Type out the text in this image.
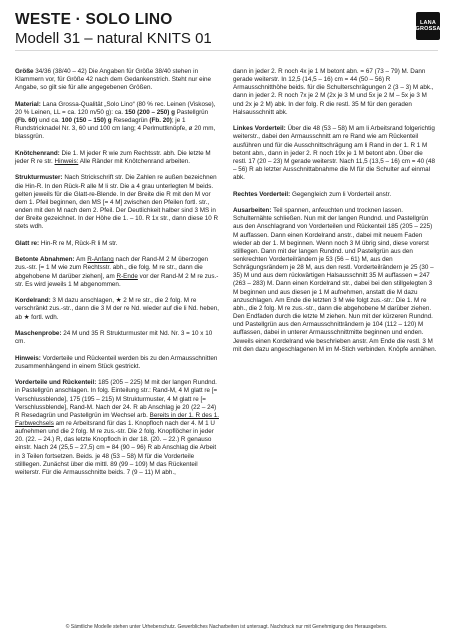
WESTE · SOLO LINO
Modell 31 – natural KNITS 01
LANA
GROSSA

Größe 34/36 (38/40 – 42) Die Angaben für Größe 38/40 stehen in Klammern vor, für Größe 42 nach dem Gedankenstrich. Steht nur eine Angabe, so gilt sie für alle angegebenen Größen.

Material: Lana Grossa-Qualität „Solo Lino“ (80 % rec. Leinen (Viskose), 20 % Leinen, LL = ca. 120 m/50 g): ca. 150 (200 – 250) g Pastellgrün (Fb. 60) und ca. 100 (150 – 150) g Resedagrün (Fb. 20); je 1 Rundstricknadel Nr. 3, 60 und 100 cm lang; 4 Perlmuttknöpfe, ø 20 mm, blassgrün.

Knötchenrand: Die 1. M jeder R wie zum Rechtsstr. abh. Die letzte M jeder R re str. Hinweis: Alle Ränder mit Knötchenrand arbeiten.

Strukturmuster: Nach Strickschrift str. Die Zahlen re außen bezeichnen die Hin-R. In den Rück-R alle M li str. Die a 4 grau unterlegten M beids. gelten jeweils für die Glatt-re-Blende. In der Breite die R mit den M vor dem 1. Pfeil beginnen, den MS [= 4 M] zwischen den Pfeilen fortl. str., enden mit den M nach dem 2. Pfeil. Der Deutlichkeit halber sind 3 MS in der Breite gezeichnet. In der Höhe die 1. – 10. R 1x str., dann diese 10 R stets wdh.

Glatt re: Hin-R re M, Rück-R li M str.

Betonte Abnahmen: Am R-Anfang nach der Rand-M 2 M überzogen zus.-str. [= 1 M wie zum Rechtsstr. abh., die folg. M re str., dann die abgehobene M darüber ziehen], am R-Ende vor der Rand-M 2 M re zus.-str. Es wird jeweils 1 M abgenommen.

Kordelrand: 3 M dazu anschlagen, ★ 2 M re str., die 2 folg. M re verschränkt zus.-str., dann die 3 M der re Nd. wieder auf die li Nd. heben, ab ★ fortl. wdh.

Maschenprobe: 24 M und 35 R Strukturmuster mit Nd. Nr. 3 = 10 x 10 cm.

Hinweis: Vorderteile und Rückenteil werden bis zu den Armausschnitten zusammenhängend in einem Stück gestrickt.

Vorderteile und Rückenteil: 185 (205 – 225) M mit der langen Rundnd. in Pastellgrün anschlagen. In folg. Einteilung str.: Rand-M, 4 M glatt re [= Verschlussblende], 175 (195 – 215) M Strukturmuster, 4 M glatt re [= Verschlussblende], Rand-M. Nach der 24. R ab Anschlag je 20 (22 – 24) R Resedagrün und Pastellgrün im Wechsel arb. Bereits in der 1. R des 1. Farbwechsels am re Arbeitsrand für das 1. Knopfloch nach der 4. M 1 U aufnehmen und die 2 folg. M re zus.-str. Die 2 folg. Knopflöcher in jeder 20. (22. – 24.) R, das letzte Knopfloch in der 18. (20. – 22.) R genauso einstr. Nach 24 (25,5 – 27,5) cm = 84 (90 – 96) R ab Anschlag die Arbeit in 3 Teilen fortsetzen. Beids. je 48 (53 – 58) M für die Vorderteile stilllegen. Zunächst über die mittl. 89 (99 – 109) M das Rückenteil weiterstr. Für die Armausschnitte beids. 7 (9 – 11) M abh.,

dann in jeder 2. R noch 4x je 1 M betont abn. = 67 (73 – 79) M. Dann gerade weiterstr. In 12,5 (14,5 – 16) cm = 44 (50 – 56) R Armausschnitthöhe beids. für die Schulterschrägungen 2 (3 – 3) M abk., dann in jeder 2. R noch 7x je 2 M (2x je 3 M und 5x je 2 M – 5x je 3 M und 2x je 2 M) abk. In der folg. R die restl. 35 M für den geraden Halsausschnitt abk.

Linkes Vorderteil: Über die 48 (53 – 58) M am li Arbeitsrand folgerichtig weiterstr., dabei den Armausschnitt am re Rand wie am Rückenteil ausführen und für die Ausschnittschrägung am li Rand in der 1. R 1 M betont abn., dann in jeder 2. R noch 19x je 1 M betont abn. Über die restl. 17 (20 – 23) M gerade weiterstr. Nach 11,5 (13,5 – 16) cm = 40 (48 – 56) R ab letzter Ausschnittabnahme die M für die Schulter auf einmal abk.

Rechtes Vorderteil: Gegengleich zum li Vorderteil anstr.

Ausarbeiten: Teil spannen, anfeuchten und trocknen lassen. Schulternähte schließen. Nun mit der langen Rundnd. und Pastellgrün aus den Anschlagrand von Vorderteilen und Rückenteil 185 (205 – 225) M auffassen. Dann einen Kordelrand anstr., dabei mit neuem Faden wieder ab der 1. M beginnen. Wenn noch 3 M übrig sind, diese vorerst stilllegen. Dann mit der langen Rundnd. und Pastellgrün aus den senkrechten Vorderteilrändern je 53 (56 – 61) M, aus den Schrägungsrändern je 28 M, aus den restl. Vorderteilrändern je 25 (30 – 35) M und aus dem rückwärtigen Halsausschnitt 35 M auffassen = 247 (263 – 283) M. Dann einen Kordelrand str., dabei bei den stillgelegten 3 M beginnen und aus diesen je 1 M aufnehmen, anstatt die M dazu anzuschlagen. Am Ende die letzten 3 M wie folgt zus.-str.: Die 1. M re abh., die 2 folg. M re zus.-str., dann die abgehobene M darüber ziehen. Den Endfaden durch die letzte M ziehen. Nun mit der kürzeren Rundnd. und Pastellgrün aus den Armausschnitträndern je 104 (112 – 120) M auffassen, dabei in unterer Armausschnittmitte beginnen und enden. Jeweils einen Kordelrand wie beschrieben anstr. Am Ende die restl. 3 M mit den dazu angeschlagenen M im M-Stich verbinden. Knöpfe annähen.

© Sämtliche Modelle stehen unter Urheberschutz. Gewerbliches Nacharbeiten ist untersagt. Nachdruck nur mit Genehmigung des Herausgebers.
